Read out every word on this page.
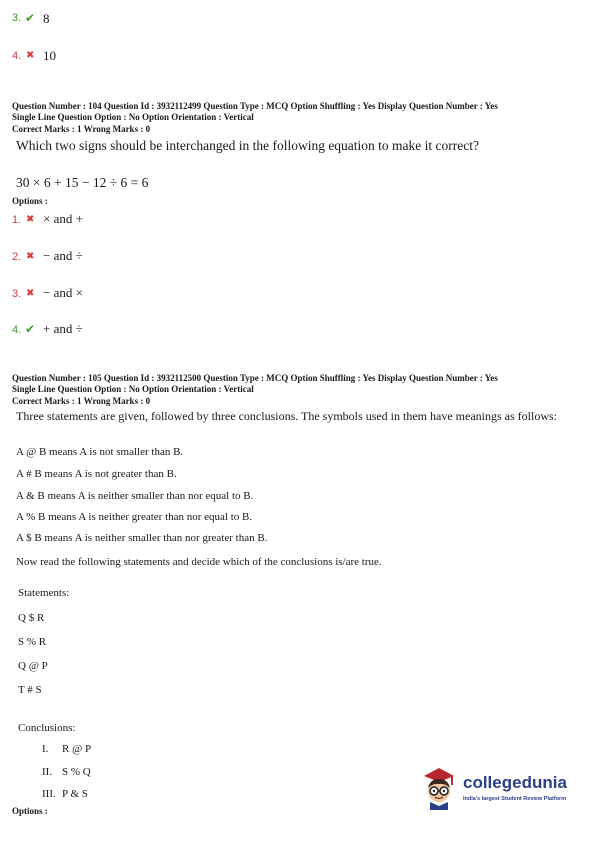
3. ✔ 8
4. ✖ 10
Question Number : 104 Question Id : 3932112499 Question Type : MCQ Option Shuffling : Yes Display Question Number : Yes
Single Line Question Option : No Option Orientation : Vertical
Correct Marks : 1 Wrong Marks : 0
Which two signs should be interchanged in the following equation to make it correct?
30 × 6 + 15 − 12 ÷ 6 = 6
Options :
1. ✖ × and +
2. ✖ − and ÷
3. ✖ − and ×
4. ✔ + and ÷
Question Number : 105 Question Id : 3932112500 Question Type : MCQ Option Shuffling : Yes Display Question Number : Yes
Single Line Question Option : No Option Orientation : Vertical
Correct Marks : 1 Wrong Marks : 0
Three statements are given, followed by three conclusions. The symbols used in them have meanings as follows:
A @ B means A is not smaller than B.
A # B means A is not greater than B.
A & B means A is neither smaller than nor equal to B.
A % B means A is neither greater than nor equal to B.
A $ B means A is neither smaller than nor greater than B.
Now read the following statements and decide which of the conclusions is/are true.
Statements:
Q $ R
S % R
Q @ P
T # S
Conclusions:
I. R @ P
II. S % Q
III. P & S
Options :
collegedunia
India's largest Student Review Platform
